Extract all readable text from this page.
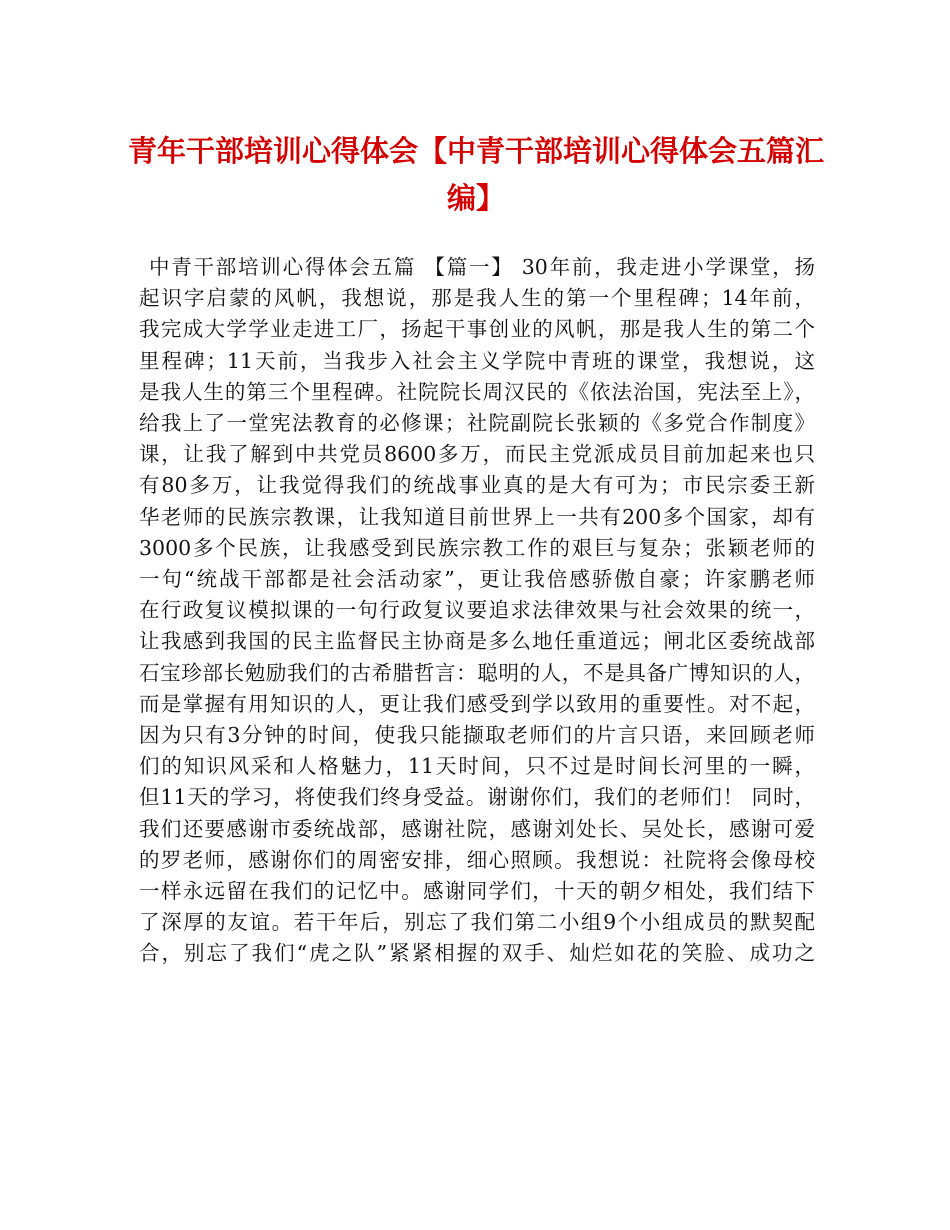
青年干部培训心得体会【中青干部培训心得体会五篇汇
编】
中青干部培训心得体会五篇 【篇一】 30年前，我走进小学课堂，扬
起识字启蒙的风帆，我想说，那是我人生的第一个里程碑；14年前，
我完成大学学业走进工厂，扬起干事创业的风帆，那是我人生的第二个
里程碑；11天前，当我步入社会主义学院中青班的课堂，我想说，这
是我人生的第三个里程碑。社院院长周汉民的《依法治国，宪法至上》，
给我上了一堂宪法教育的必修课；社院副院长张颖的《多党合作制度》
课，让我了解到中共党员8600多万，而民主党派成员目前加起来也只
有80多万，让我觉得我们的统战事业真的是大有可为；市民宗委王新
华老师的民族宗教课，让我知道目前世界上一共有200多个国家，却有
3000多个民族，让我感受到民族宗教工作的艰巨与复杂；张颖老师的
一句“统战干部都是社会活动家”，更让我倍感骄傲自豪；许家鹏老师
在行政复议模拟课的一句行政复议要追求法律效果与社会效果的统一，
让我感到我国的民主监督民主协商是多么地任重道远；闸北区委统战部
石宝珍部长勉励我们的古希腊哲言：聪明的人，不是具备广博知识的人，
而是掌握有用知识的人，更让我们感受到学以致用的重要性。对不起，
因为只有3分钟的时间，使我只能撷取老师们的片言只语，来回顾老师
们的知识风采和人格魅力，11天时间，只不过是时间长河里的一瞬，
但11天的学习，将使我们终身受益。谢谢你们，我们的老师们！ 同时，
我们还要感谢市委统战部，感谢社院，感谢刘处长、吴处长，感谢可爱
的罗老师，感谢你们的周密安排，细心照顾。我想说：社院将会像母校
一样永远留在我们的记忆中。感谢同学们，十天的朝夕相处，我们结下
了深厚的友谊。若干年后，别忘了我们第二小组9个小组成员的默契配
合，别忘了我们“虎之队”紧紧相握的双手、灿烂如花的笑脸、成功之
